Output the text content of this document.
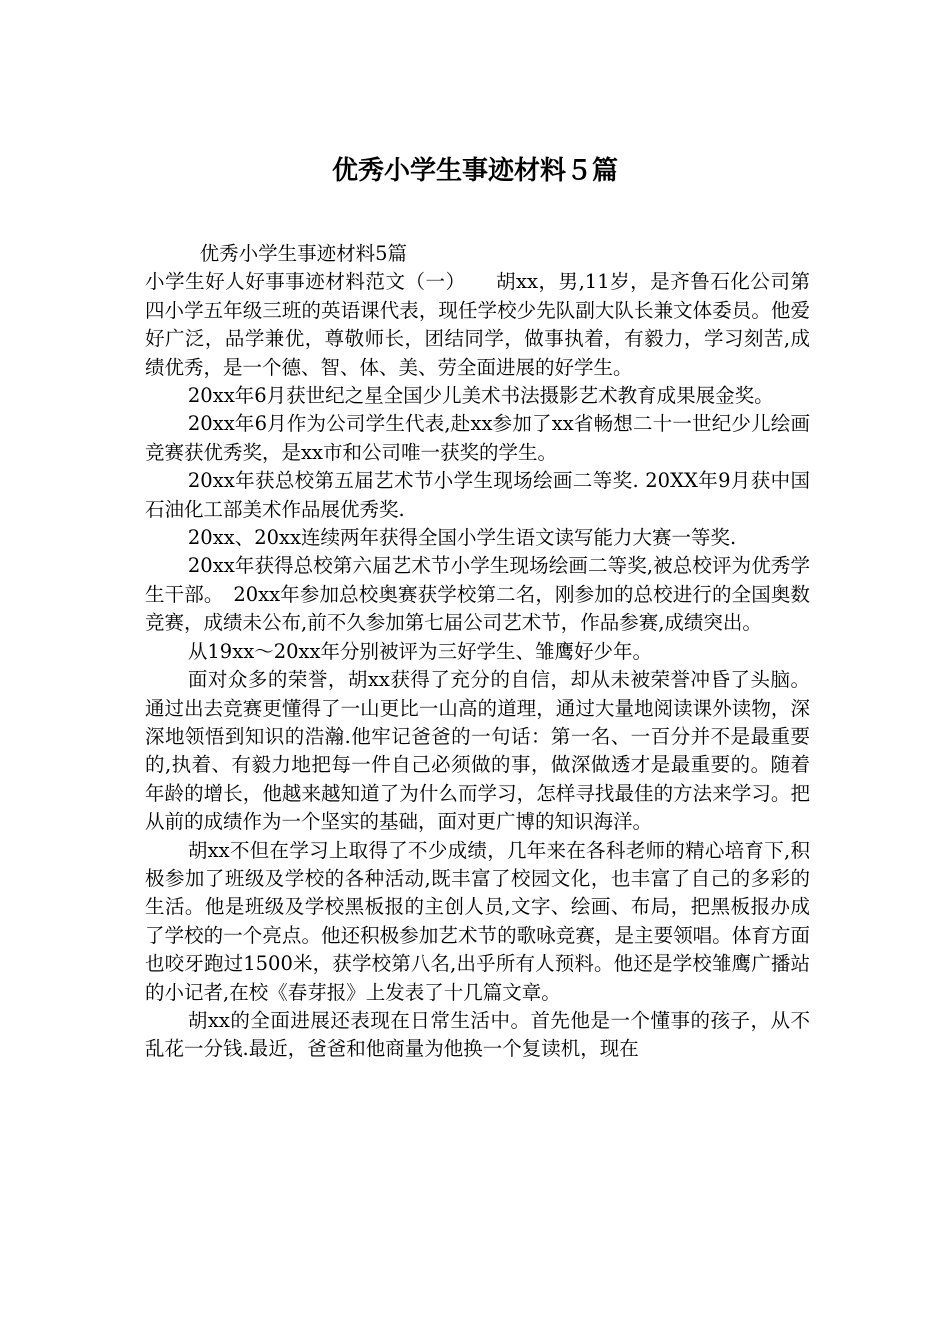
优秀小学生事迹材料５篇

优秀小学生事迹材料5篇

小学生好人好事事迹材料范文（一）　　胡xx，男,11岁，是齐鲁石化公司第四小学五年级三班的英语课代表，现任学校少先队副大队长兼文体委员。他爱好广泛，品学兼优，尊敬师长，团结同学，做事执着，有毅力，学习刻苦,成绩优秀，是一个德、智、体、美、劳全面进展的好学生。

20xx年6月获世纪之星全国少儿美术书法摄影艺术教育成果展金奖。

20xx年6月作为公司学生代表,赴xx参加了xx省畅想二十一世纪少儿绘画竞赛获优秀奖，是xx市和公司唯一获奖的学生。

20xx年获总校第五届艺术节小学生现场绘画二等奖. 20XX年9月获中国石油化工部美术作品展优秀奖.

20xx、20xx连续两年获得全国小学生语文读写能力大赛一等奖.

20xx年获得总校第六届艺术节小学生现场绘画二等奖,被总校评为优秀学生干部。　20xx年参加总校奥赛获学校第二名，刚参加的总校进行的全国奥数竞赛，成绩未公布,前不久参加第七届公司艺术节，作品参赛,成绩突出。

从19xx～20xx年分别被评为三好学生、雏鹰好少年。

面对众多的荣誉，胡xx获得了充分的自信，却从未被荣誉冲昏了头脑。通过出去竞赛更懂得了一山更比一山高的道理，通过大量地阅读课外读物，深深地领悟到知识的浩瀚.他牢记爸爸的一句话：第一名、一百分并不是最重要的,执着、有毅力地把每一件自己必须做的事，做深做透才是最重要的。随着年龄的增长，他越来越知道了为什么而学习，怎样寻找最佳的方法来学习。把从前的成绩作为一个坚实的基础，面对更广博的知识海洋。

胡xx不但在学习上取得了不少成绩，几年来在各科老师的精心培育下,积极参加了班级及学校的各种活动,既丰富了校园文化，也丰富了自己的多彩的生活。他是班级及学校黑板报的主创人员,文字、绘画、布局，把黑板报办成了学校的一个亮点。他还积极参加艺术节的歌咏竞赛，是主要领唱。体育方面也咬牙跑过1500米，获学校第八名,出乎所有人预料。他还是学校雏鹰广播站的小记者,在校《春芽报》上发表了十几篇文章。

胡xx的全面进展还表现在日常生活中。首先他是一个懂事的孩子，从不乱花一分钱.最近，爸爸和他商量为他换一个复读机，现在
